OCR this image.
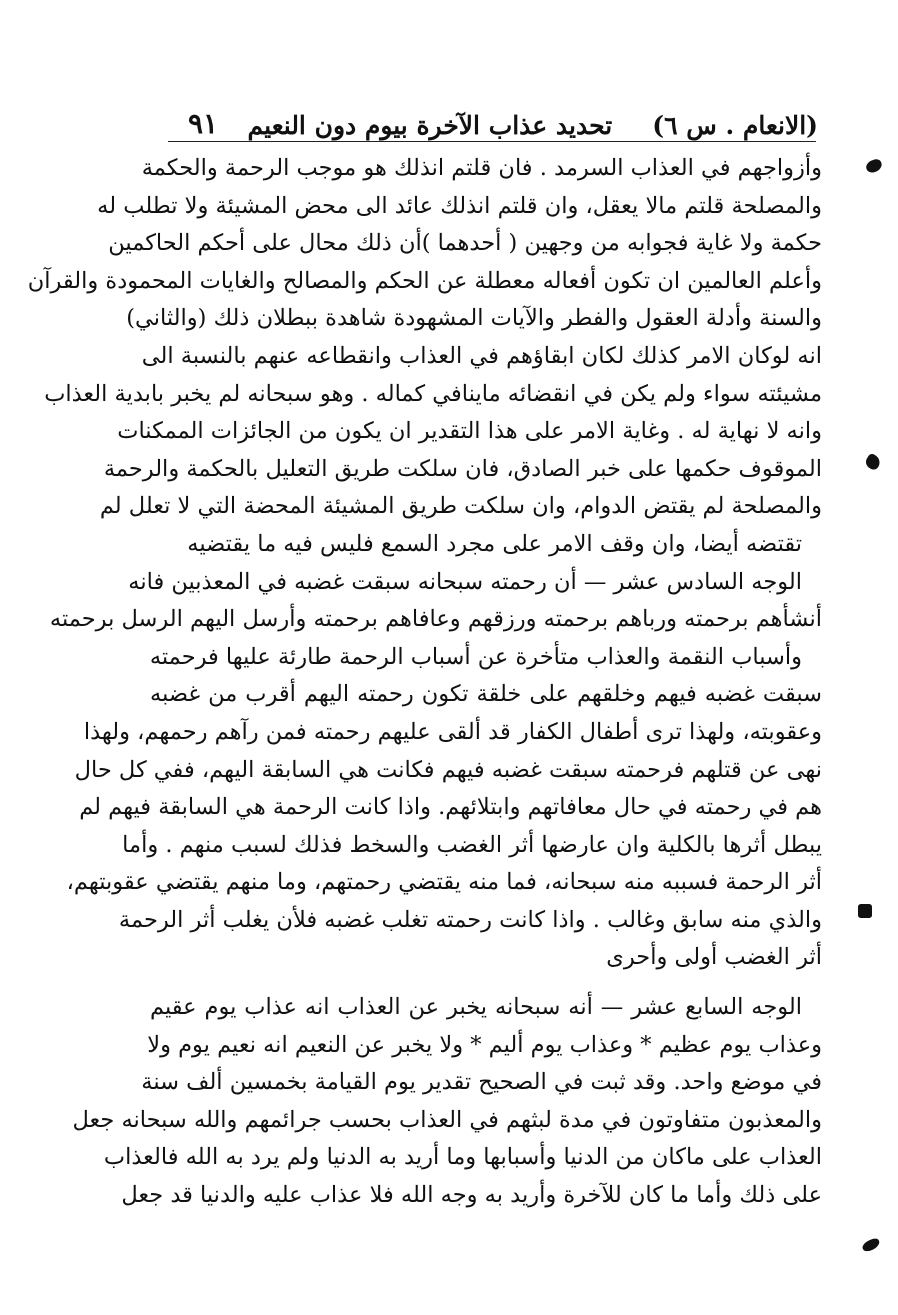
(الانعام . س ٦)
تحديد عذاب الآخرة بيوم دون النعيم
٩١
وأزواجهم في العذاب السرمد . فان قلتم انذلك هو موجب الرحمة والحكمة
والمصلحة قلتم مالا يعقل، وان قلتم انذلك عائد الى محض المشيئة ولا تطلب له
حكمة ولا غاية فجوابه من وجهين ( أحدهما )أن ذلك محال على أحكم الحاكمين
وأعلم العالمين ان تكون أفعاله معطلة عن الحكم والمصالح والغايات المحمودة والقرآن
والسنة وأدلة العقول والفطر والآيات المشهودة شاهدة ببطلان ذلك (والثاني)
انه لوكان الامر كذلك لكان ابقاؤهم في العذاب وانقطاعه عنهم بالنسبة الى
مشيئته سواء ولم يكن في انقضائه ماينافي كماله . وهو سبحانه لم يخبر بابدية العذاب
وانه لا نهاية له . وغاية الامر على هذا التقدير ان يكون من الجائزات الممكنات
الموقوف حكمها على خبر الصادق، فان سلكت طريق التعليل بالحكمة والرحمة
والمصلحة لم يقتض الدوام، وان سلكت طريق المشيئة المحضة التي لا تعلل لم
تقتضه أيضا، وان وقف الامر على مجرد السمع فليس فيه ما يقتضيه
الوجه السادس عشر — أن رحمته سبحانه سبقت غضبه في المعذبين فانه
أنشأهم برحمته ورباهم برحمته ورزقهم وعافاهم برحمته وأرسل اليهم الرسل برحمته
وأسباب النقمة والعذاب متأخرة عن أسباب الرحمة طارئة عليها فرحمته
سبقت غضبه فيهم وخلقهم على خلقة تكون رحمته اليهم أقرب من غضبه
وعقوبته، ولهذا ترى أطفال الكفار قد ألقى عليهم رحمته فمن رآهم رحمهم، ولهذا
نهى عن قتلهم فرحمته سبقت غضبه فيهم فكانت هي السابقة اليهم، ففي كل حال
هم في رحمته في حال معافاتهم وابتلائهم. واذا كانت الرحمة هي السابقة فيهم لم
يبطل أثرها بالكلية وان عارضها أثر الغضب والسخط فذلك لسبب منهم . وأما
أثر الرحمة فسببه منه سبحانه، فما منه يقتضي رحمتهم، وما منهم يقتضي عقوبتهم،
والذي منه سابق وغالب . واذا كانت رحمته تغلب غضبه فلأن يغلب أثر الرحمة
أثر الغضب أولى وأحرى
الوجه السابع عشر — أنه سبحانه يخبر عن العذاب انه عذاب يوم عقيم
وعذاب يوم عظيم * وعذاب يوم أليم * ولا يخبر عن النعيم انه نعيم يوم ولا
في موضع واحد. وقد ثبت في الصحيح تقدير يوم القيامة بخمسين ألف سنة
والمعذبون متفاوتون في مدة لبثهم في العذاب بحسب جرائمهم والله سبحانه جعل
العذاب على ماكان من الدنيا وأسبابها وما أريد به الدنيا ولم يرد به الله فالعذاب
على ذلك وأما ما كان للآخرة وأريد به وجه الله فلا عذاب عليه والدنيا قد جعل
